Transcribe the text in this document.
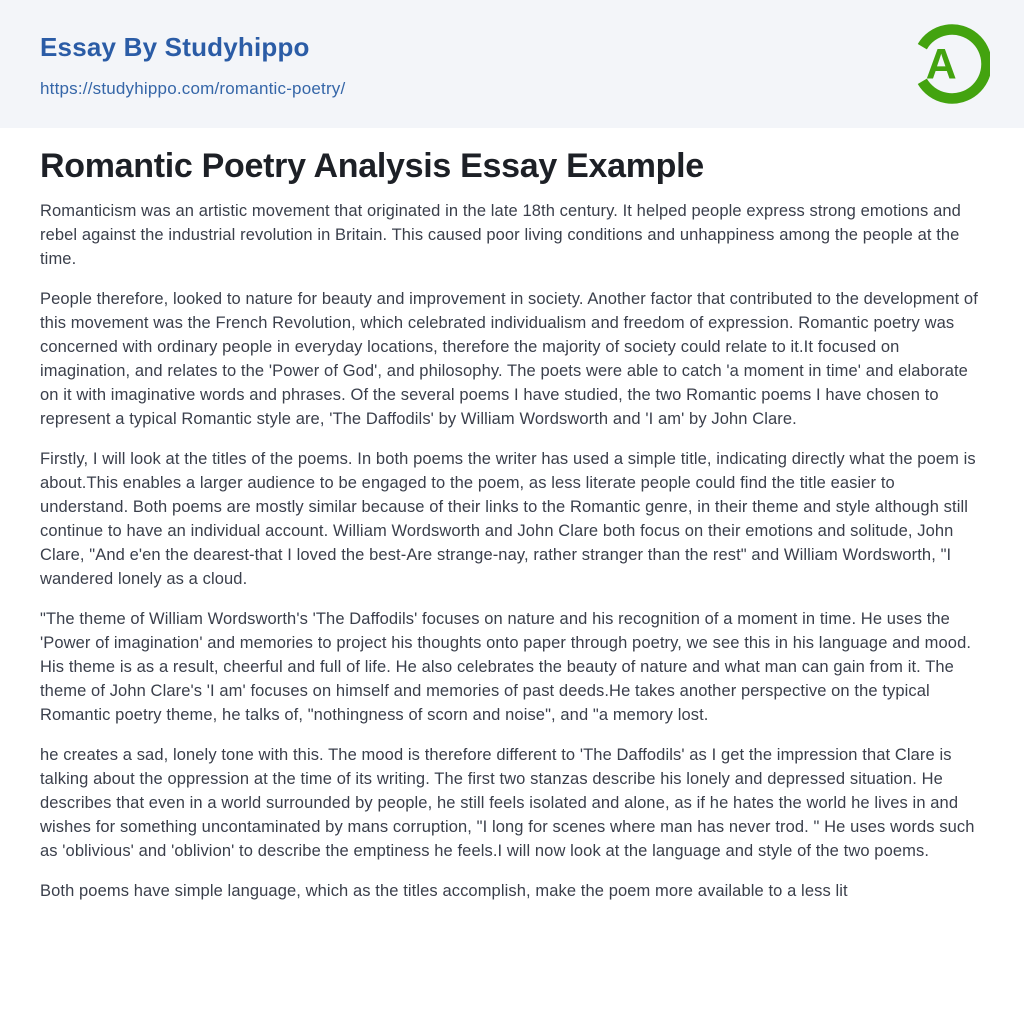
Essay By Studyhippo
https://studyhippo.com/romantic-poetry/
A
Romantic Poetry Analysis Essay Example

Romanticism was an artistic movement that originated in the late 18th century. It helped people express strong emotions and rebel against the industrial revolution in Britain. This caused poor living conditions and unhappiness among the people at the time.

People therefore, looked to nature for beauty and improvement in society. Another factor that contributed to the development of this movement was the French Revolution, which celebrated individualism and freedom of expression. Romantic poetry was concerned with ordinary people in everyday locations, therefore the majority of society could relate to it.It focused on imagination, and relates to the 'Power of God', and philosophy. The poets were able to catch 'a moment in time' and elaborate on it with imaginative words and phrases. Of the several poems I have studied, the two Romantic poems I have chosen to represent a typical Romantic style are, 'The Daffodils' by William Wordsworth and 'I am' by John Clare.

Firstly, I will look at the titles of the poems. In both poems the writer has used a simple title, indicating directly what the poem is about.This enables a larger audience to be engaged to the poem, as less literate people could find the title easier to understand. Both poems are mostly similar because of their links to the Romantic genre, in their theme and style although still continue to have an individual account. William Wordsworth and John Clare both focus on their emotions and solitude, John Clare, "And e'en the dearest-that I loved the best-Are strange-nay, rather stranger than the rest" and William Wordsworth, "I wandered lonely as a cloud.

"The theme of William Wordsworth's 'The Daffodils' focuses on nature and his recognition of a moment in time. He uses the 'Power of imagination' and memories to project his thoughts onto paper through poetry, we see this in his language and mood. His theme is as a result, cheerful and full of life. He also celebrates the beauty of nature and what man can gain from it. The theme of John Clare's 'I am' focuses on himself and memories of past deeds.He takes another perspective on the typical Romantic poetry theme, he talks of, "nothingness of scorn and noise", and "a memory lost.

he creates a sad, lonely tone with this. The mood is therefore different to 'The Daffodils' as I get the impression that Clare is talking about the oppression at the time of its writing. The first two stanzas describe his lonely and depressed situation. He describes that even in a world surrounded by people, he still feels isolated and alone, as if he hates the world he lives in and wishes for something uncontaminated by mans corruption, "I long for scenes where man has never trod. " He uses words such as 'oblivious' and 'oblivion' to describe the emptiness he feels.I will now look at the language and style of the two poems.

Both poems have simple language, which as the titles accomplish, make the poem more available to a less lit
